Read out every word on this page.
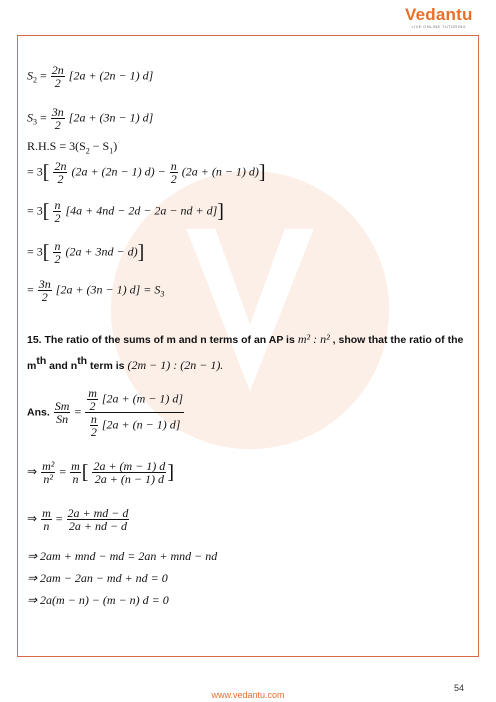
Vedantu
LIVE ONLINE TUTORING
$S_2 = \frac{2n}{2} [2a + (2n - 1)$ d]
$S_3 = \frac{3n}{2} [2a + (3n - 1)$ d]
$R.H.S = 3(S_2 - S_1)$
= $3[ \frac{2n}{2} (2a + (2n - 1) d) - \frac{n}{2} (2a + (n - 1)$ d)]
= $3[ \frac{n}{2} [4a + 4nd - 2d - 2a$ − nd + d]]
= $3[ \frac{n}{2} (2a + 3nd - d)]$
= $\frac{3n}{2} [2a + (3n - 1) d] = S_3$
15. The ratio of the sums of m and n terms of an AP is m² : n² , show that the ratio of the
mth and nth term is (2m − 1) : (2n − 1).
Ans. $\frac{Sm}{Sn} = \frac{\frac{m}{2} [2a + (m - 1) d]}{\frac{n}{2} [2a + (n - 1) d]}$
⇒ $\frac{\text{m²}}{\text{n²}} = \frac{m}{n}$ [ $\frac{2a + (m - 1) d}{2a + (n - 1) d}$ ]
⇒ $\frac{m}{n} = \frac{2a + md - d}{2a + nd - d}$
⇒ 2am + mnd − md = 2an + mnd − nd
⇒ 2am − 2an − md + nd = 0
⇒ 2a(m − n) − (m − n) d = 0
54
www.vedantu.com
